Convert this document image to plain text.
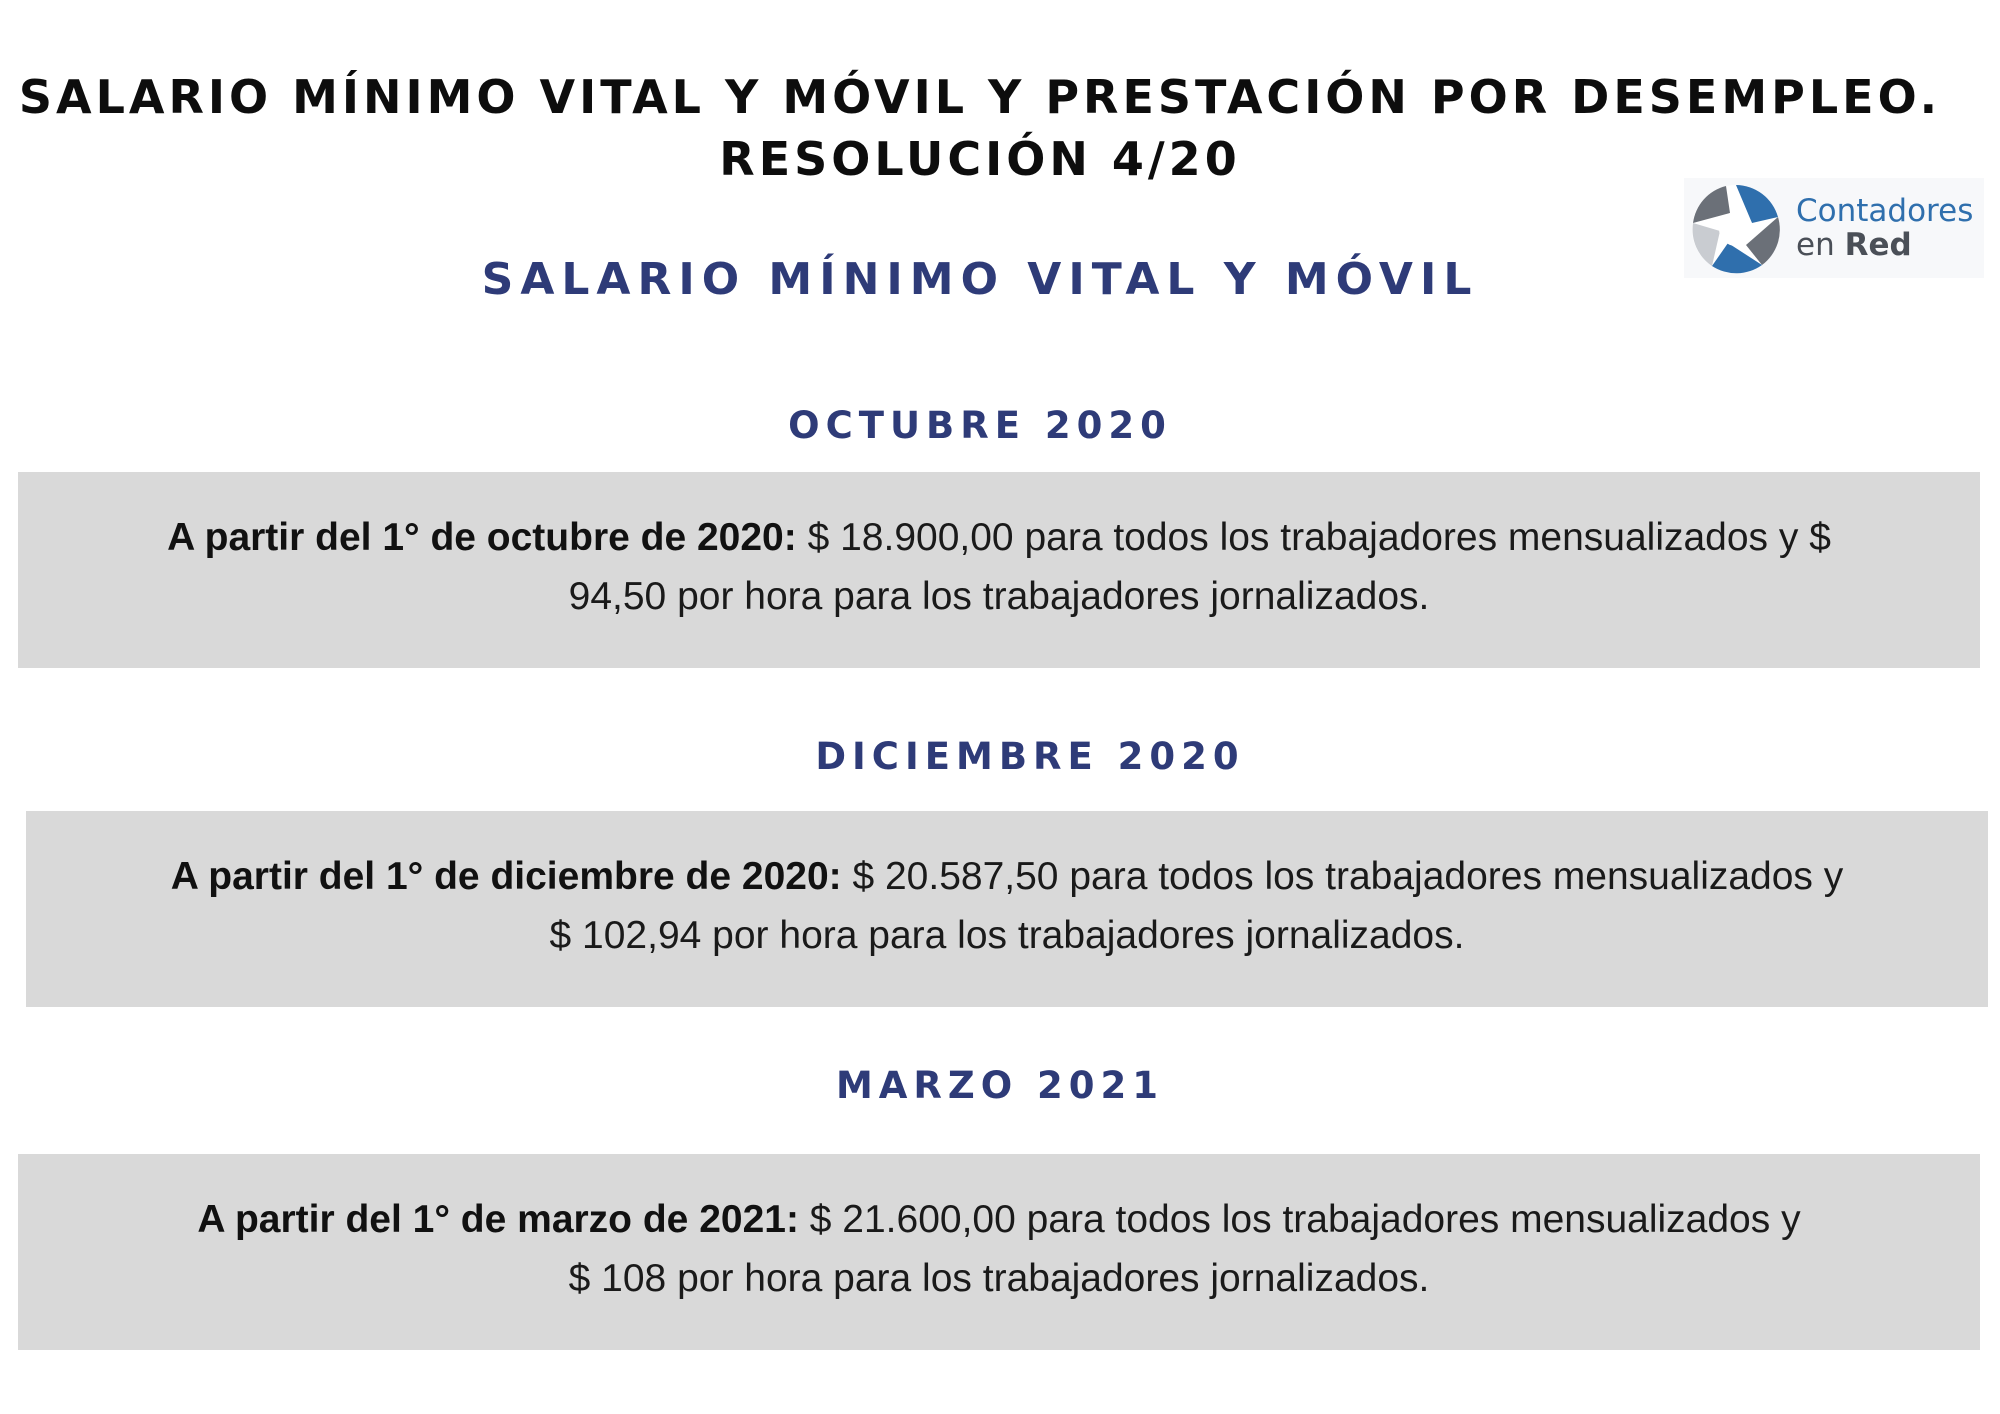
SALARIO MÍNIMO VITAL Y MÓVIL Y PRESTACIÓN POR DESEMPLEO.
RESOLUCIÓN 4/20
Contadores
en Red
SALARIO MÍNIMO VITAL Y MÓVIL
OCTUBRE 2020
A partir del 1° de octubre de 2020: $ 18.900,00 para todos los trabajadores mensualizados y $
94,50 por hora para los trabajadores jornalizados.
DICIEMBRE 2020
A partir del 1° de diciembre de 2020: $ 20.587,50 para todos los trabajadores mensualizados y
$ 102,94 por hora para los trabajadores jornalizados.
MARZO 2021
A partir del 1° de marzo de 2021: $ 21.600,00 para todos los trabajadores mensualizados y
$ 108 por hora para los trabajadores jornalizados.
